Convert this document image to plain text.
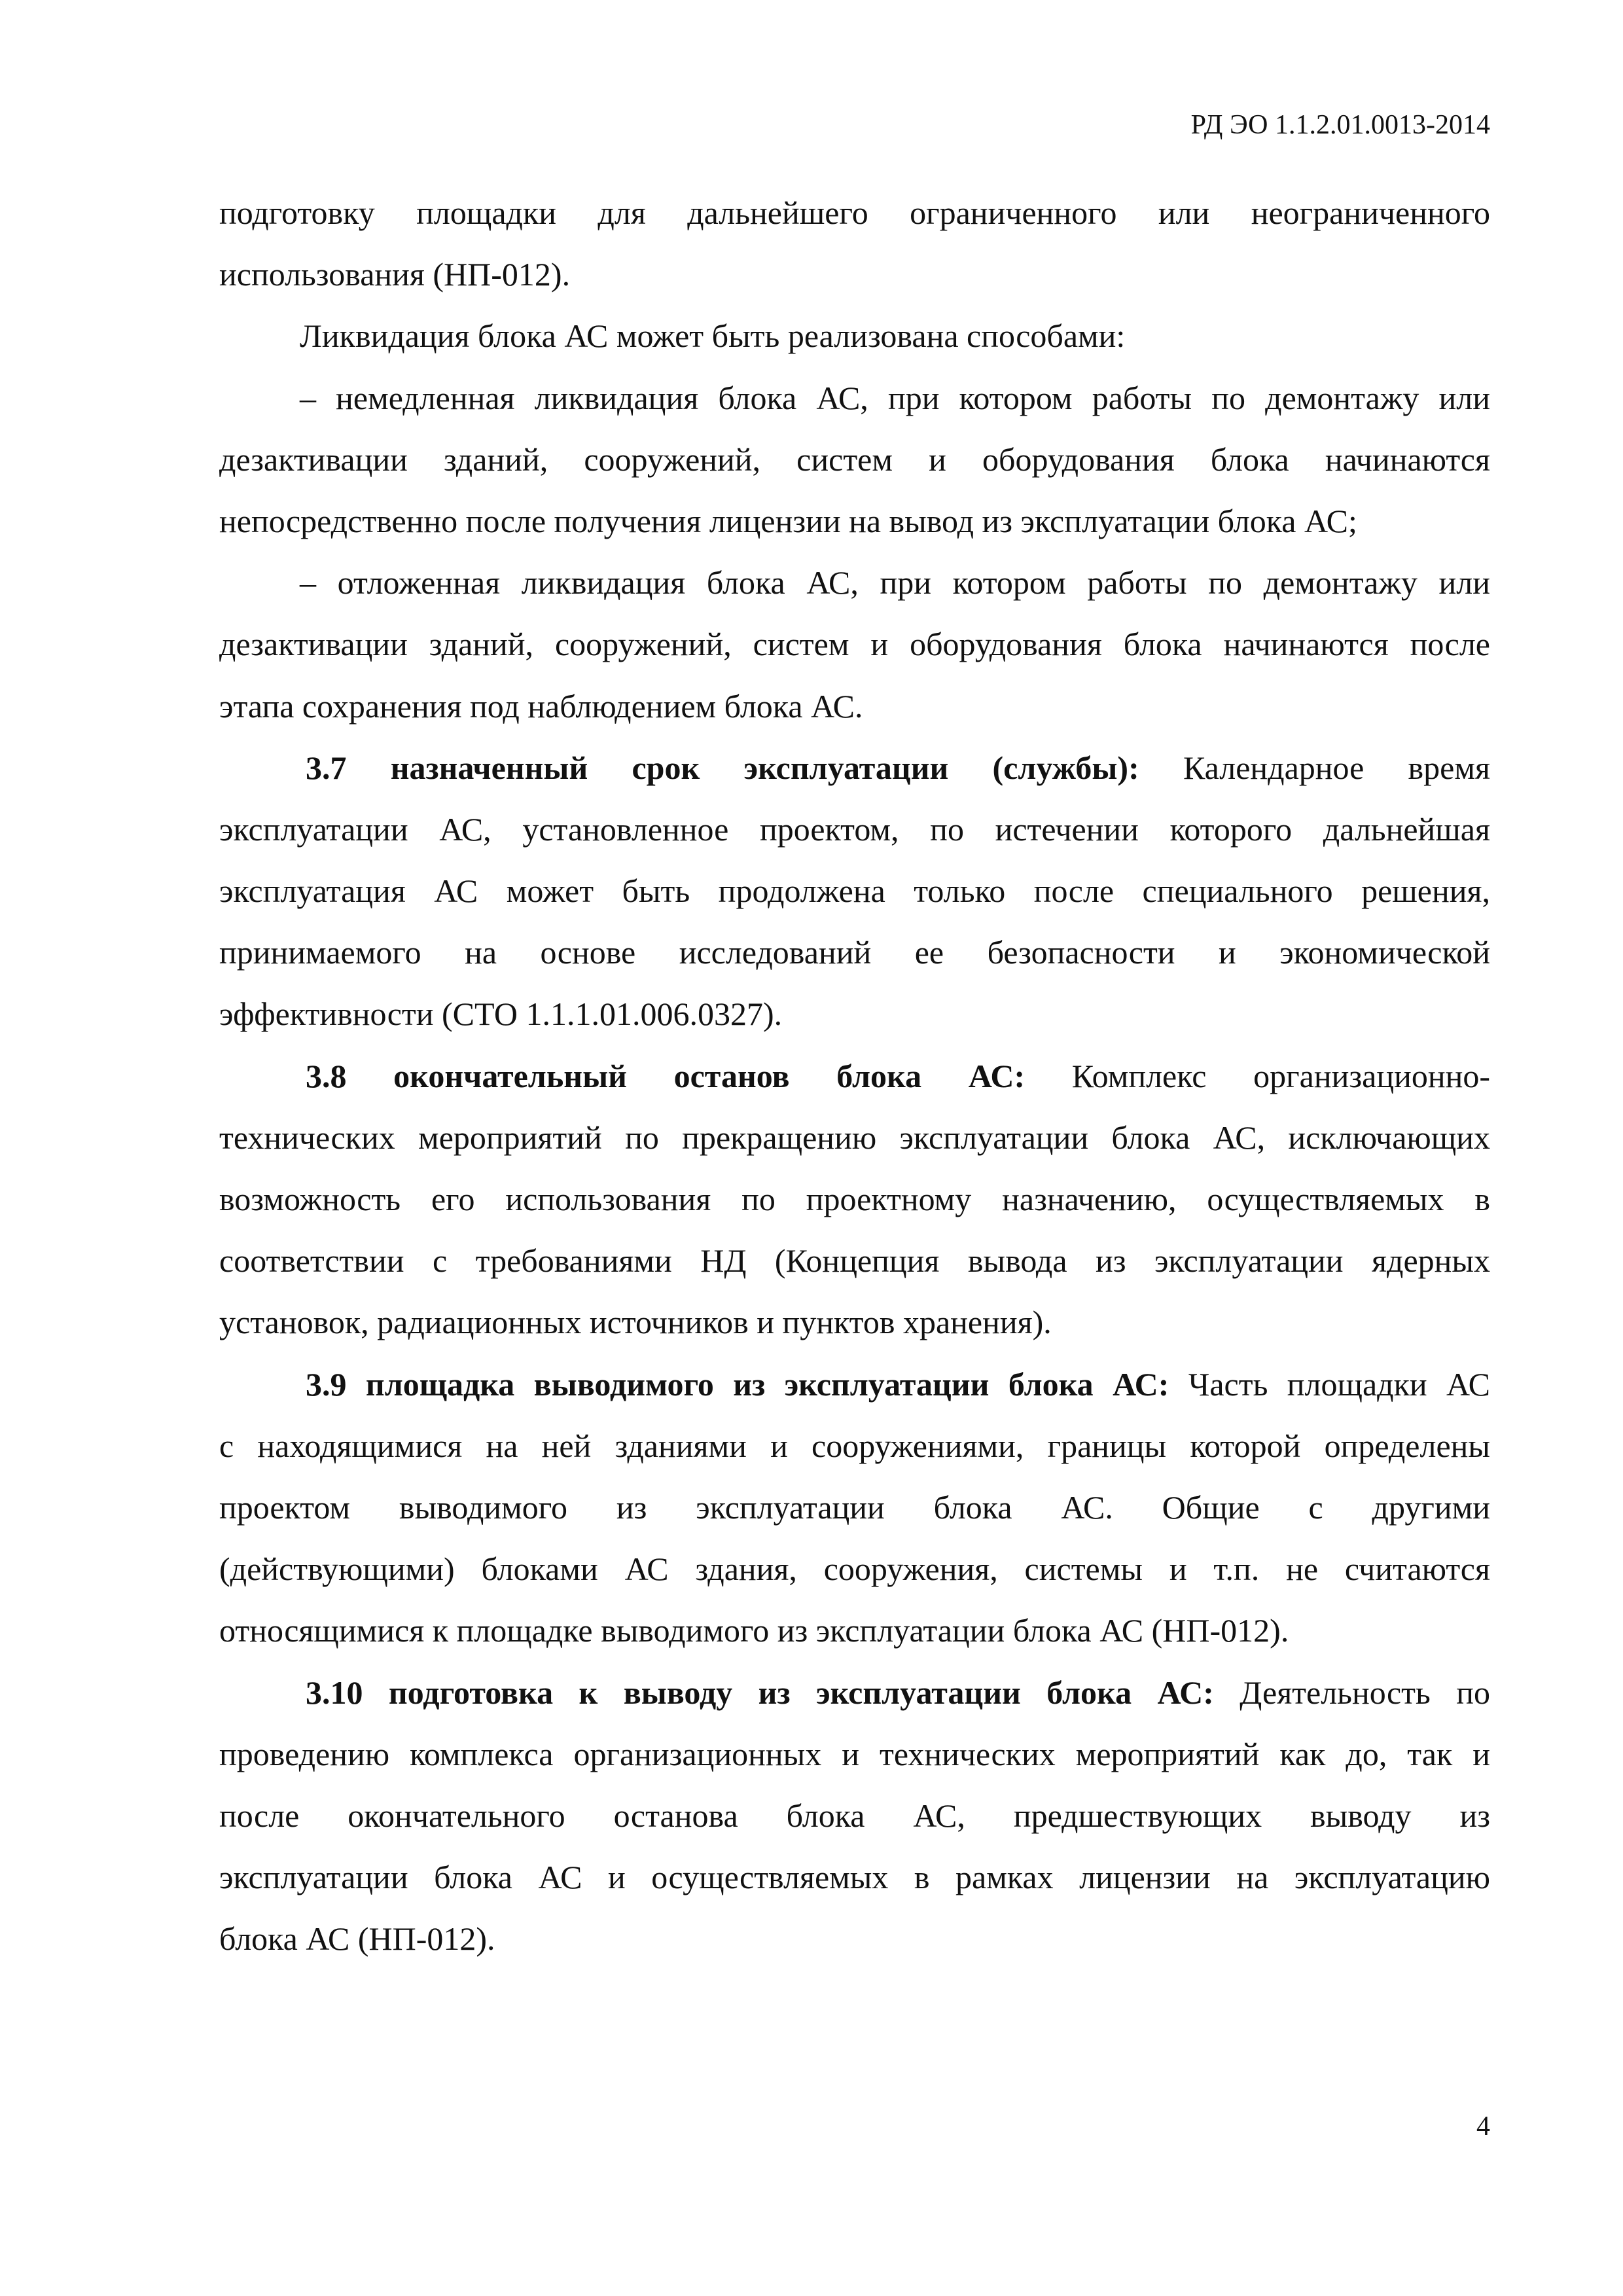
РД ЭО 1.1.2.01.0013-2014
подготовку площадки для дальнейшего ограниченного или неограниченного
использования (НП-012).
Ликвидация блока АС может быть реализована способами:
– немедленная ликвидация блока АС, при котором работы по демонтажу или
дезактивации зданий, сооружений, систем и оборудования блока начинаются
непосредственно после получения лицензии на вывод из эксплуатации блока АС;
– отложенная ликвидация блока АС, при котором работы по демонтажу или
дезактивации зданий, сооружений, систем и оборудования блока начинаются после
этапа сохранения под наблюдением блока АС.
3.7 назначенный срок эксплуатации (службы): Календарное время
эксплуатации АС, установленное проектом, по истечении которого дальнейшая
эксплуатация АС может быть продолжена только после специального решения,
принимаемого на основе исследований ее безопасности и экономической
эффективности (СТО 1.1.1.01.006.0327).
3.8 окончательный останов блока АС: Комплекс организационно-
технических мероприятий по прекращению эксплуатации блока АС, исключающих
возможность его использования по проектному назначению, осуществляемых в
соответствии с требованиями НД (Концепция вывода из эксплуатации ядерных
установок, радиационных источников и пунктов хранения).
3.9 площадка выводимого из эксплуатации блока АС: Часть площадки АС
с находящимися на ней зданиями и сооружениями, границы которой определены
проектом выводимого из эксплуатации блока АС. Общие с другими
(действующими) блоками АС здания, сооружения, системы и т.п. не считаются
относящимися к площадке выводимого из эксплуатации блока АС (НП-012).
3.10 подготовка к выводу из эксплуатации блока АС: Деятельность по
проведению комплекса организационных и технических мероприятий как до, так и
после окончательного останова блока АС, предшествующих выводу из
эксплуатации блока АС и осуществляемых в рамках лицензии на эксплуатацию
блока АС (НП-012).
4
